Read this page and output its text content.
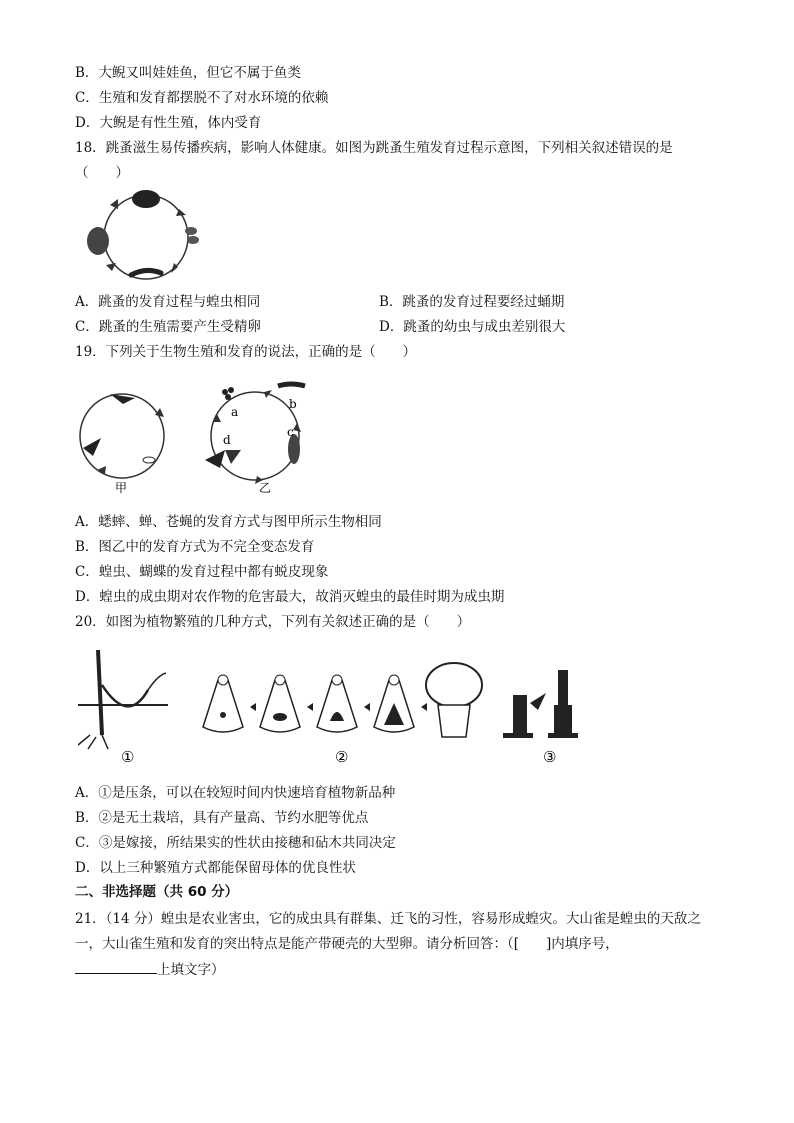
B．大鲵又叫娃娃鱼，但它不属于鱼类
C．生殖和发育都摆脱不了对水环境的依赖
D．大鲵是有性生殖，体内受育
18．跳蚤滋生易传播疾病，影响人体健康。如图为跳蚤生殖发育过程示意图，下列相关叙述错误的是
（　　）
A．跳蚤的发育过程与蝗虫相同	B．跳蚤的发育过程要经过蛹期
C．跳蚤的生殖需要产生受精卵	D．跳蚤的幼虫与成虫差别很大
19．下列关于生物生殖和发育的说法，正确的是（　　）
a
b
c
d
甲	乙
A．蟋蟀、蝉、苍蝇的发育方式与图甲所示生物相同
B．图乙中的发育方式为不完全变态发育
C．蝗虫、蝴蝶的发育过程中都有蜕皮现象
D．蝗虫的成虫期对农作物的危害最大，故消灭蝗虫的最佳时期为成虫期
20．如图为植物繁殖的几种方式，下列有关叙述正确的是（　　）
①	②	③
A．①是压条，可以在较短时间内快速培育植物新品种
B．②是无土栽培，具有产量高、节约水肥等优点
C．③是嫁接，所结果实的性状由接穗和砧木共同决定
D．以上三种繁殖方式都能保留母体的优良性状
二、非选择题（共 60 分）
21．（14 分）蝗虫是农业害虫，它的成虫具有群集、迁飞的习性，容易形成蝗灾。大山雀是蝗虫的天敌之
一，大山雀生殖和发育的突出特点是能产带硬壳的大型卵。请分析回答：（[　　]内填序号，
上填文字）
